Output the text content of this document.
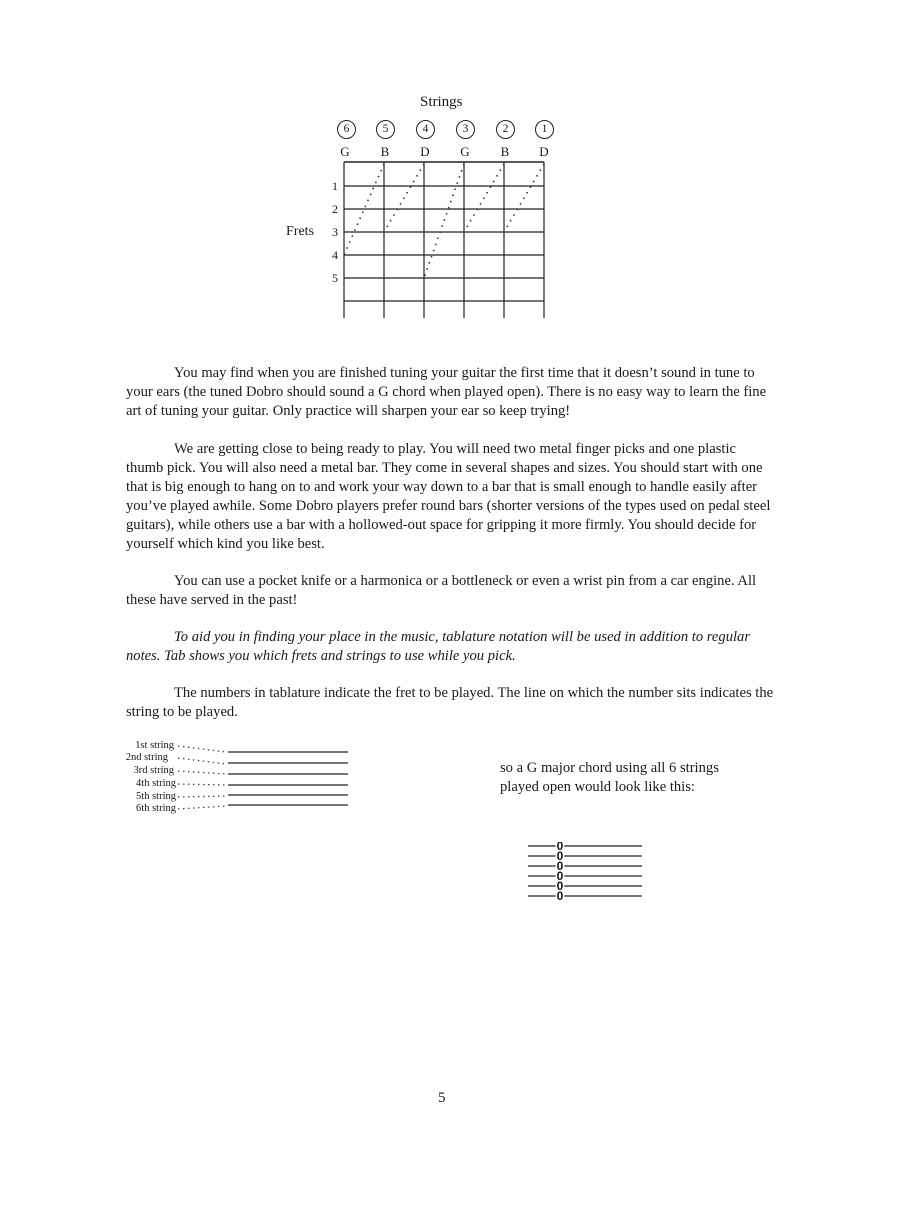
Strings
6	5	4	3	2	1
G	B	D	G	B	D
1
2
3
4
5
Frets

You may find when you are finished tuning your guitar the first time that it doesn’t sound in tune to your ears (the tuned Dobro should sound a G chord when played open). There is no easy way to learn the fine art of tuning your guitar. Only practice will sharpen your ear so keep trying!

We are getting close to being ready to play. You will need two metal finger picks and one plastic thumb pick. You will also need a metal bar. They come in several shapes and sizes. You should start with one that is big enough to hang on to and work your way down to a bar that is small enough to handle easily after you’ve played awhile. Some Dobro players prefer round bars (shorter versions of the types used on pedal steel guitars), while others use a bar with a hollowed-out space for gripping it more firmly. You should decide for yourself which kind you like best.

You can use a pocket knife or a harmonica or a bottleneck or even a wrist pin from a car engine. All these have served in the past!

To aid you in finding your place in the music, tablature notation will be used in addition to regular notes. Tab shows you which frets and strings to use while you pick.

The numbers in tablature indicate the fret to be played. The line on which the number sits indicates the string to be played.

1st string
2nd string
3rd string
4th string
5th string
6th string
so a G major chord using all 6 strings played open would look like this:
0
0
0
0
0
0
5
